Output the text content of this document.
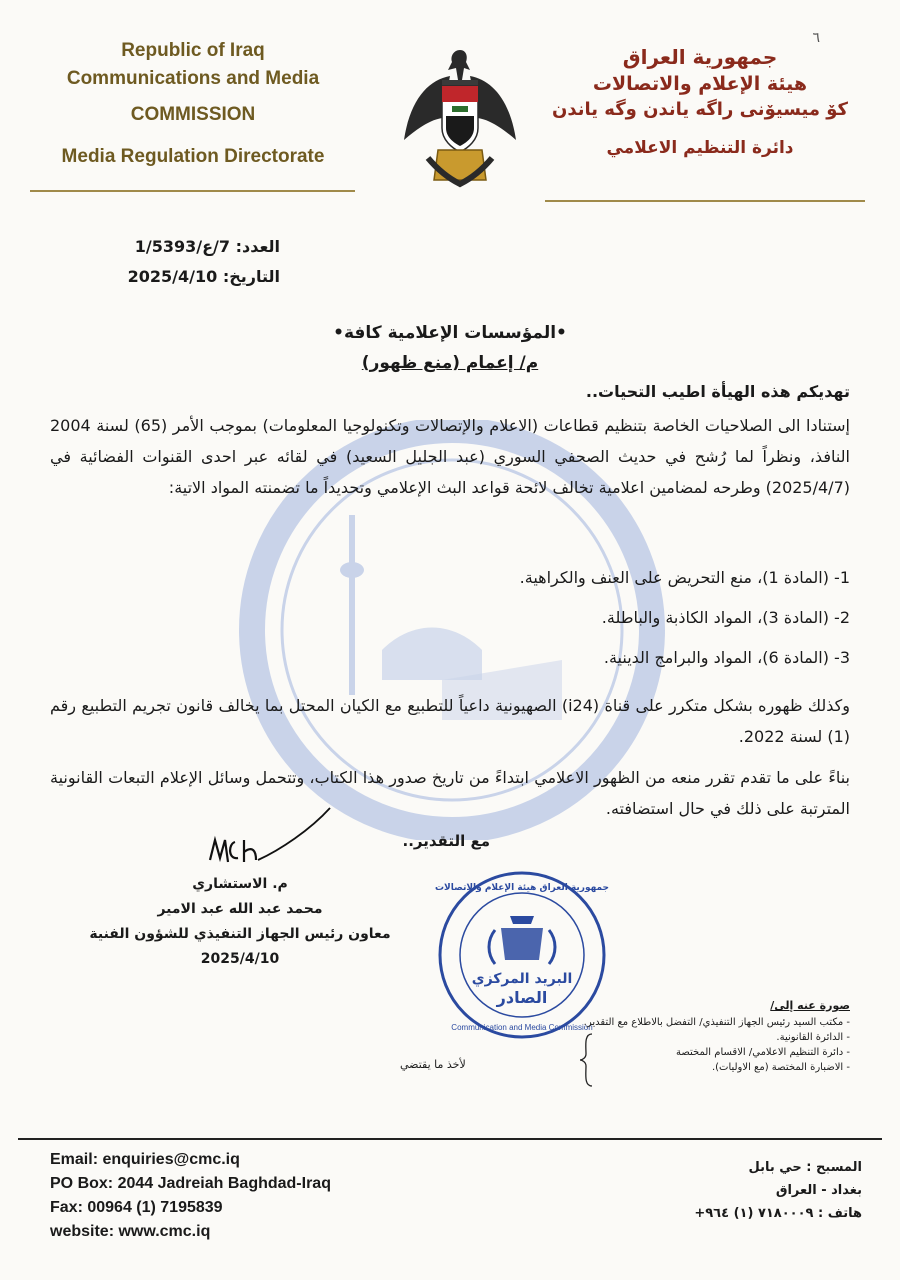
٦
Republic of Iraq
Communications and Media
COMMISSION
Media Regulation Directorate
جمهورية العراق
هيئة الإعلام والاتصالات
كۆ میسیۆنی راگه یاندن وگه یاندن
دائرة التنظيم الاعلامي
العدد: 7/ع/1/5393
التاريخ: 2025/4/10
•المؤسسات الإعلامية كافة•
م/ إعمام (منع ظهور)
تهديكم هذه الهيأة اطيب التحيات..
إستنادا الى الصلاحيات الخاصة بتنظيم قطاعات (الاعلام والإتصالات وتكنولوجيا المعلومات) بموجب الأمر (65) لسنة 2004 النافذ، ونظراً لما رُشح في حديث الصحفي السوري (عبد الجليل السعيد) في لقائه عبر احدى القنوات الفضائية في (2025/4/7) وطرحه لمضامين اعلامية تخالف لائحة قواعد البث الإعلامي وتحديداً ما تضمنته المواد الاتية:
1- (المادة 1)، منع التحريض على العنف والكراهية.
2- (المادة 3)، المواد الكاذبة والباطلة.
3- (المادة 6)، المواد والبرامج الدينية.
وكذلك ظهوره بشكل متكرر على قناة (i24) الصهيونية داعياً للتطبيع مع الكيان المحتل بما يخالف قانون تجريم التطبيع رقم (1) لسنة 2022.
بناءً على ما تقدم تقرر منعه من الظهور الاعلامي ابتداءً من تاريخ صدور هذا الكتاب، وتتحمل وسائل الإعلام التبعات القانونية المترتبة على ذلك في حال استضافته.
مع التقدير..
م. الاستشاري
محمد عبد الله عبد الامير
معاون رئيس الجهاز التنفيذي للشؤون الفنية
2025/4/10
البريد المركزي
الصادر
جمهورية العراق هيئة الإعلام والاتصالات
Communication and Media Commission
صورة عنه إلى/
- مكتب السيد رئيس الجهاز التنفيذي/ التفضل بالاطلاع مع التقدير.
- الدائرة القانونية.
- دائرة التنظيم الاعلامي/ الاقسام المختصة
- الاضبارة المختصة (مع الاوليات).
لأخذ ما يقتضي
Email: enquiries@cmc.iq
PO Box: 2044 Jadreiah Baghdad-Iraq
Fax: 00964 (1) 7195839
website: www.cmc.iq
المسبح : حي بابل
بغداد - العراق
هاتف : ٧١٨٠٠٠٩ (١) ٩٦٤+
